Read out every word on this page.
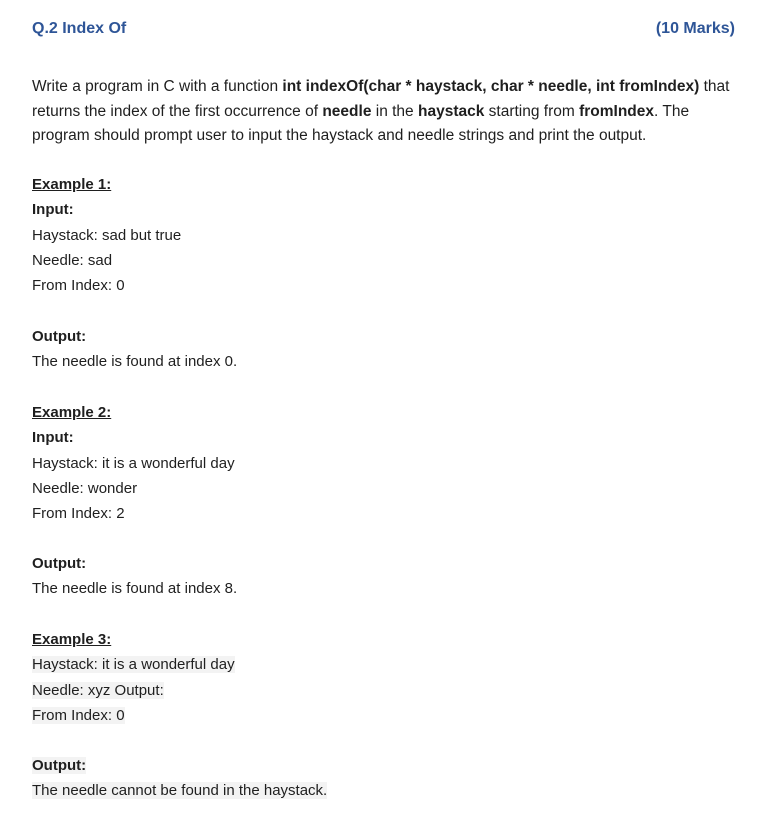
Q.2 Index Of	(10 Marks)
Write a program in C with a function int indexOf(char * haystack, char * needle, int fromIndex) that returns the index of the first occurrence of needle in the haystack starting from fromIndex. The program should prompt user to input the haystack and needle strings and print the output.
Example 1:
Input:
Haystack: sad but true
Needle: sad
From Index: 0
Output:
The needle is found at index 0.
Example 2:
Input:
Haystack: it is a wonderful day
Needle: wonder
From Index: 2
Output:
The needle is found at index 8.
Example 3:
Haystack: it is a wonderful day
Needle: xyz Output:
From Index: 0
Output:
The needle cannot be found in the haystack.
